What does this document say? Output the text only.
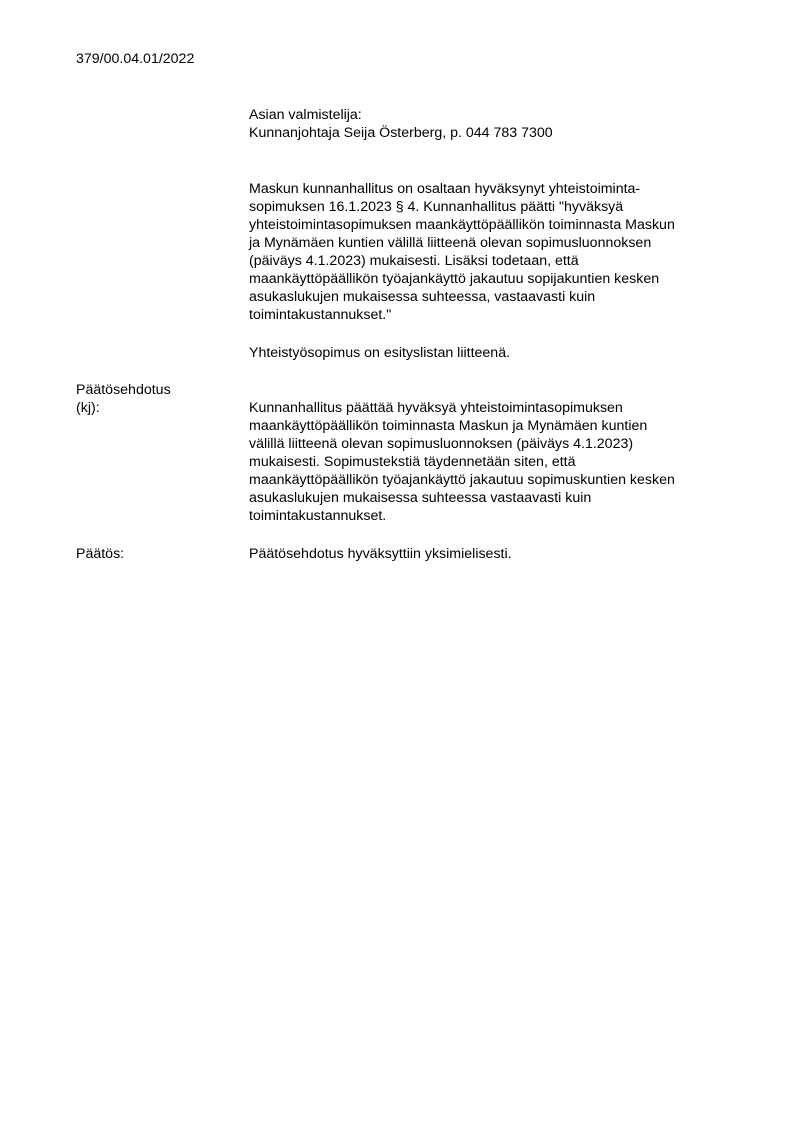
379/00.04.01/2022
Asian valmistelija:
Kunnanjohtaja Seija Österberg, p. 044 783 7300
Maskun kunnanhallitus on osaltaan hyväksynyt yhteistoiminta-
sopimuksen 16.1.2023 § 4. Kunnanhallitus päätti "hyväksyä
yhteistoimintasopimuksen maankäyttöpäällikön toiminnasta Maskun
ja Mynämäen kuntien välillä liitteenä olevan sopimusluonnoksen
(päiväys 4.1.2023) mukaisesti. Lisäksi todetaan, että
maankäyttöpäällikön työajankäyttö jakautuu sopijakuntien kesken
asukaslukujen mukaisessa suhteessa, vastaavasti kuin
toimintakustannukset."
Yhteistyösopimus on esityslistan liitteenä.
Päätösehdotus
(kj):	Kunnanhallitus päättää hyväksyä yhteistoimintasopimuksen
maankäyttöpäällikön toiminnasta Maskun ja Mynämäen kuntien
välillä liitteenä olevan sopimusluonnoksen (päiväys 4.1.2023)
mukaisesti. Sopimustekstiä täydennetään siten, että
maankäyttöpäällikön työajankäyttö jakautuu sopimuskuntien kesken
asukaslukujen mukaisessa suhteessa vastaavasti kuin
toimintakustannukset.
Päätös:	Päätösehdotus hyväksyttiin yksimielisesti.
